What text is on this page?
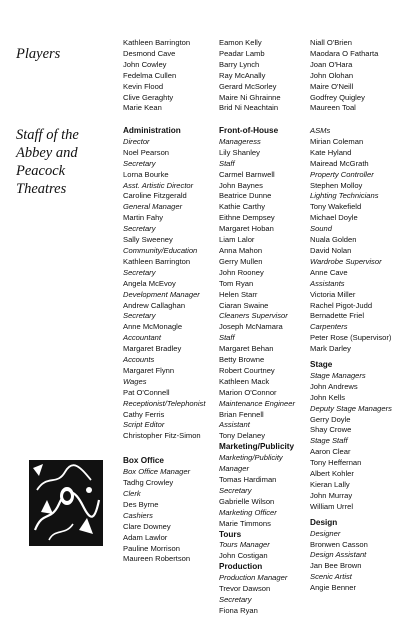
Players
Staff of the
Abbey and
Peacock
Theatres
Kathleen Barrington
Desmond Cave
John Cowley
Fedelma Cullen
Kevin Flood
Clive Geraghty
Marie Kean
Eamon Kelly
Peadar Lamb
Barry Lynch
Ray McAnally
Gerard McSorley
Maire Ni Ghrainne
Brid Ni Neachtain
Niall O'Brien
Maodara O Fatharta
Joan O'Hara
John Olohan
Maire O'Neill
Godfrey Quigley
Maureen Toal
Administration
Director
Noel Pearson
Secretary
Lorna Bourke
Asst. Artistic Director
Caroline Fitzgerald
General Manager
Martin Fahy
Secretary
Sally Sweeney
Community/Education
Kathleen Barrington
Secretary
Angela McEvoy
Development Manager
Andrew Callaghan
Secretary
Anne McMonagle
Accountant
Margaret Bradley
Accounts
Margaret Flynn
Wages
Pat O'Connell
Receptionist/Telephonist
Cathy Ferris
Script Editor
Christopher Fitz-Simon
Box Office
Box Office Manager
Tadhg Crowley
Clerk
Des Byrne
Cashiers
Clare Downey
Adam Lawlor
Pauline Morrison
Maureen Robertson
Front-of-House
Manageress
Lily Shanley
Staff
Carmel Barnwell
John Baynes
Beatrice Dunne
Kathie Carthy
Eithne Dempsey
Margaret Hoban
Liam Lalor
Anna Mahon
Gerry Mullen
John Rooney
Tom Ryan
Helen Starr
Ciaran Swaine
Cleaners Supervisor
Joseph McNamara
Staff
Margaret Behan
Betty Browne
Robert Courtney
Kathleen Mack
Marion O'Connor
Maintenance Engineer
Brian Fennell
Assistant
Tony Delaney
Marketing/Publicity
Marketing/Publicity
Manager
Tomas Hardiman
Secretary
Gabrielle Wilson
Marketing Officer
Marie Timmons
Tours
Tours Manager
John Costigan
Production
Production Manager
Trevor Dawson
Secretary
Fiona Ryan
ASMs
Mirian Coleman
Kate Hyland
Mairead McGrath
Property Controller
Stephen Molloy
Lighting Technicians
Tony Wakefield
Michael Doyle
Sound
Nuala Golden
David Nolan
Wardrobe Supervisor
Anne Cave
Assistants
Victoria Miller
Rachel Pigot-Judd
Bernadette Friel
Carpenters
Peter Rose (Supervisor)
Mark Darley
Stage
Stage Managers
John Andrews
John Kells
Deputy Stage Managers
Gerry Doyle
Shay Crowe
Stage Staff
Aaron Clear
Tony Heffernan
Albert Kohler
Kieran Lally
John Murray
William Urrel
Design
Designer
Bronwen Casson
Design Assistant
Jan Bee Brown
Scenic Artist
Angie Benner
